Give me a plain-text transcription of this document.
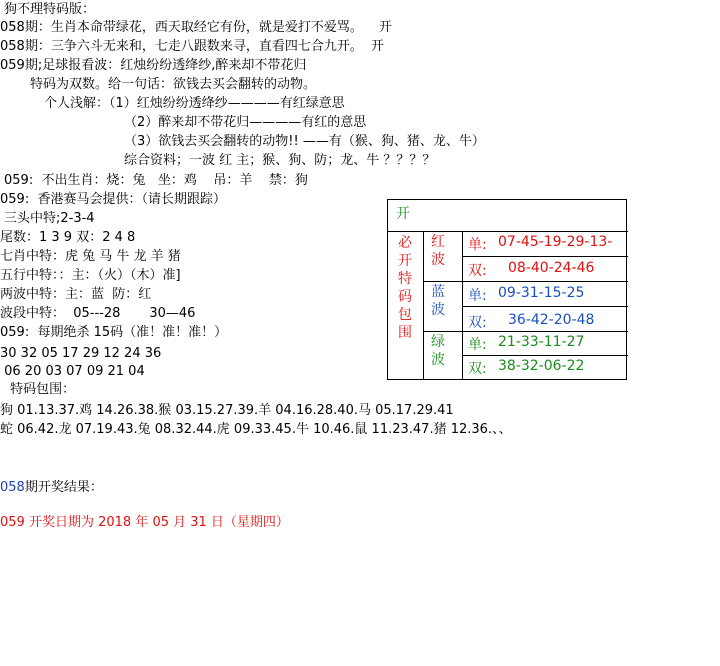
狗不理特码版：
058期：生肖本命带绿花，西天取经它有份，就是爱打不爱骂。 开
058期：三争六斗无来和，七走八跟数来寻，直看四七合九开。 开
059期;足球报看波：红烛纷纷透绛纱,醉来却不带花归
特码为双数。给一句话：欲钱去买会翻转的动物。
个人浅解：（1）红烛纷纷透绛纱————有红绿意思
（2）醉来却不带花归————有红的意思
（3）欲钱去买会翻转的动物!! ——有（猴、狗、猪、龙、牛）
综合资料；一波 红 主；猴、狗、防；龙、牛 ？？？？
059:  不出生肖：烧：兔   坐：鸡    吊：羊    禁：狗
059:  香港赛马会提供：（请长期跟踪）
三头中特;2-3-4
尾数：1 3 9 双：2 4 8
七肖中特：虎 兔 马 牛 龙 羊 猪
五行中特：：主：（火）（木）准]
两波中特：主：蓝  防：红
波段中特：  05---28       30—46
059:  每期绝杀 15码（准！准！准！）
30 32 05 17 29 12 24 36
06 20 03 07 09 21 04
特码包围：
狗 01.13.37.鸡 14.26.38.猴 03.15.27.39.羊 04.16.28.40.马 05.17.29.41
蛇 06.42.龙 07.19.43.兔 08.32.44.虎 09.33.45.牛 10.46.鼠 11.23.47.猪 12.36.、、
开
必开特码包围
红波
蓝波
绿波
单: 07-45-19-29-13-
双: 08-40-24-46
单: 09-31-15-25
双: 36-42-20-48
单: 21-33-11-27
双: 38-32-06-22
058期开奖结果：
059 开奖日期为 2018 年 05 月 31 日（星期四）
